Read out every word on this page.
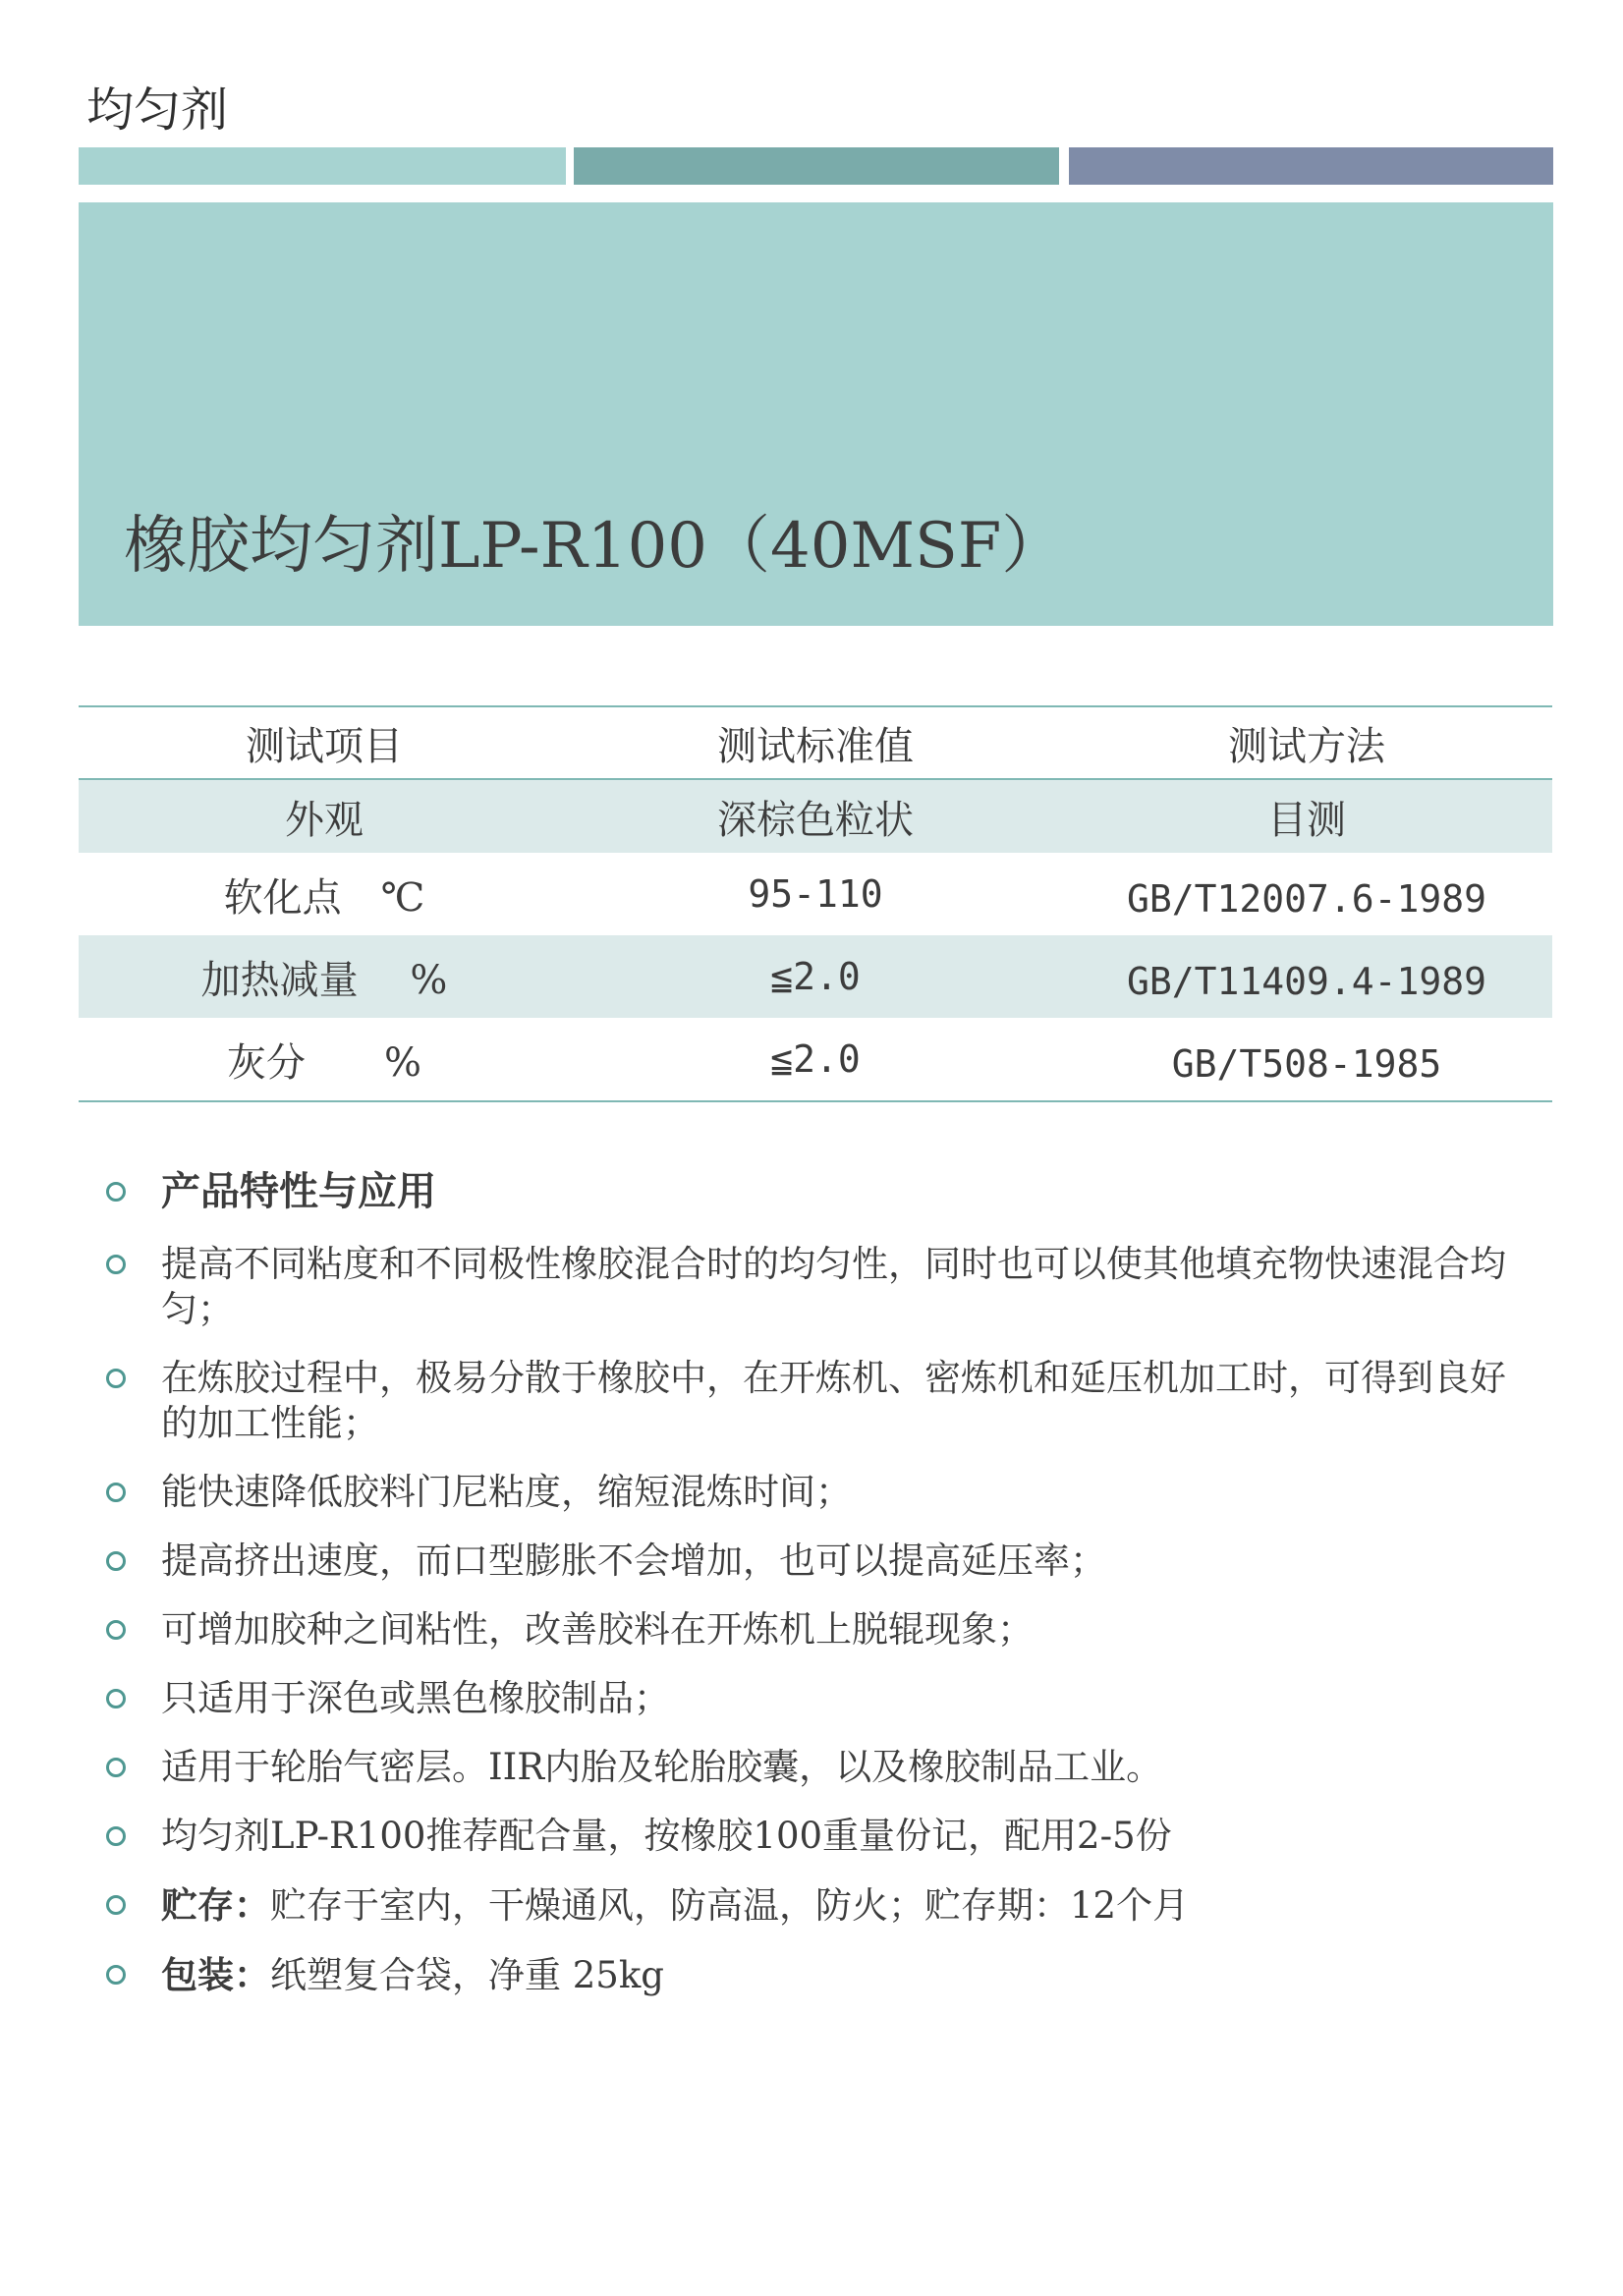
均匀剂
橡胶均匀剂LP-R100（40MSF）
测试项目	测试标准值	测试方法
外观	深棕色粒状	目测
软化点　℃	95-110	GB/T12007.6-1989
加热减量　 %	≦2.0	GB/T11409.4-1989
灰分　　%	≦2.0	GB/T508-1985
产品特性与应用
提高不同粘度和不同极性橡胶混合时的均匀性，同时也可以使其他填充物快速混合均匀；
在炼胶过程中，极易分散于橡胶中，在开炼机、密炼机和延压机加工时，可得到良好的加工性能；
能快速降低胶料门尼粘度，缩短混炼时间；
提高挤出速度，而口型膨胀不会增加，也可以提高延压率；
可增加胶种之间粘性，改善胶料在开炼机上脱辊现象；
只适用于深色或黑色橡胶制品；
适用于轮胎气密层。IIR内胎及轮胎胶囊，以及橡胶制品工业。
均匀剂LP-R100推荐配合量，按橡胶100重量份记，配用2-5份
贮存：贮存于室内，干燥通风，防高温，防火；贮存期：12个月
包装：纸塑复合袋，净重 25kg
